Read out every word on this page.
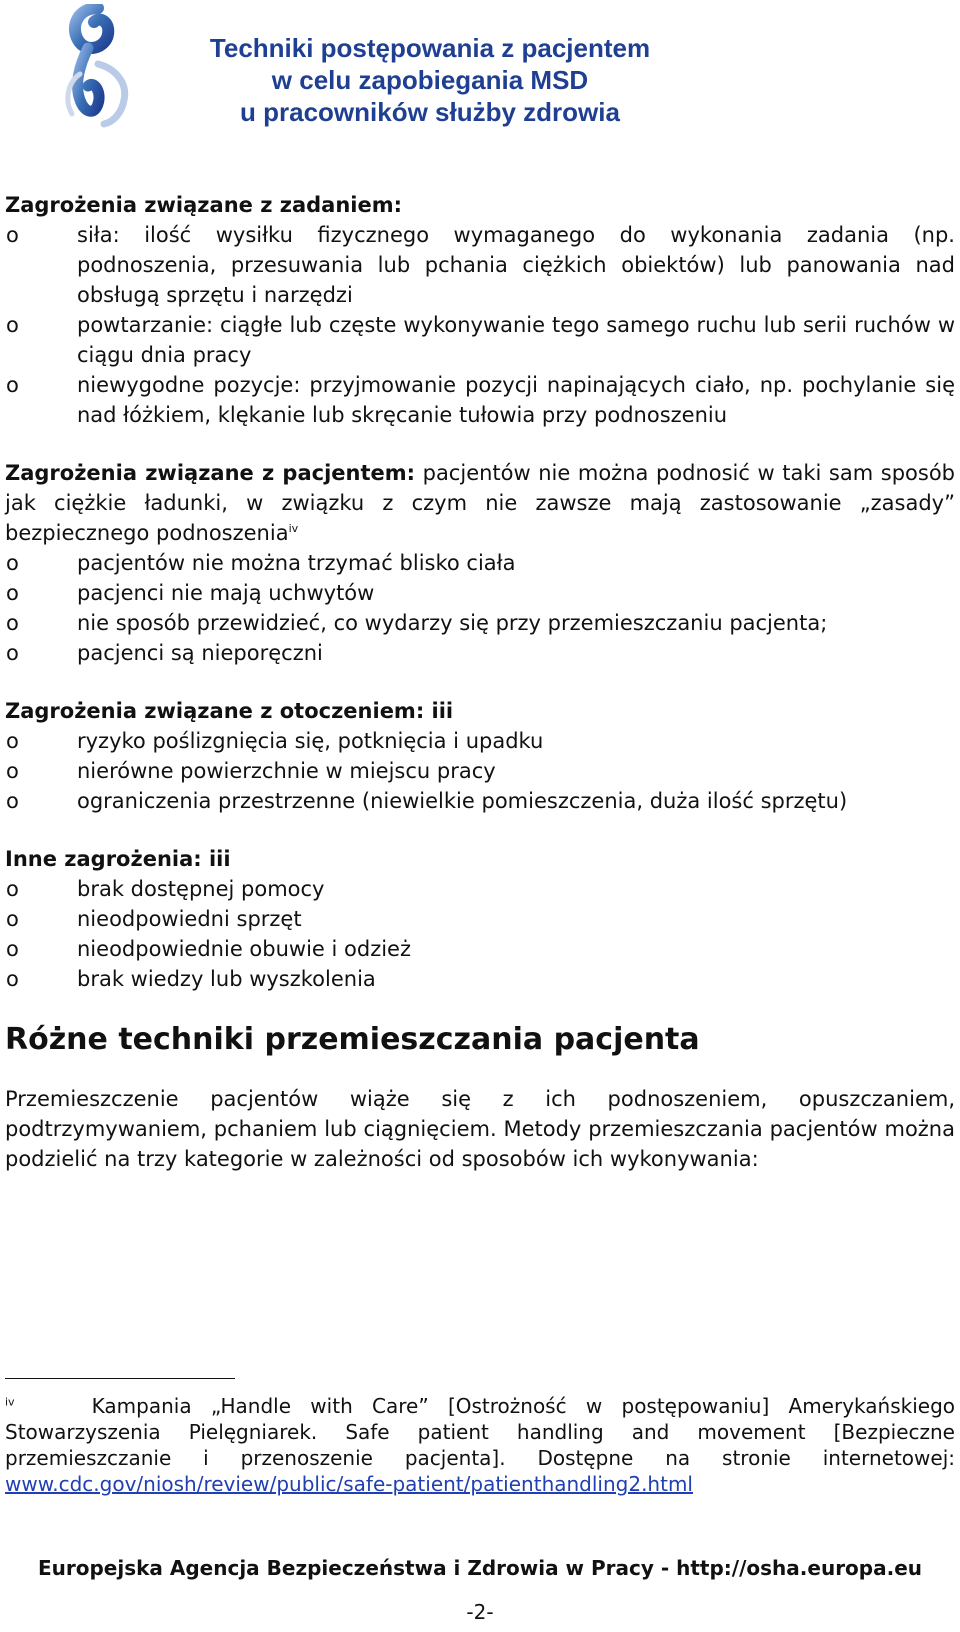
Techniki postępowania z pacjentem
w celu zapobiegania MSD
u pracowników służby zdrowia
Zagrożenia związane z zadaniem:
o	siła: ilość wysiłku fizycznego wymaganego do wykonania zadania (np. podnoszenia, przesuwania lub pchania ciężkich obiektów) lub panowania nad obsługą sprzętu i narzędzi
o	powtarzanie: ciągłe lub częste wykonywanie tego samego ruchu lub serii ruchów w ciągu dnia pracy
o	niewygodne pozycje: przyjmowanie pozycji napinających ciało, np. pochylanie się nad łóżkiem, klękanie lub skręcanie tułowia przy podnoszeniu
Zagrożenia związane z pacjentem: pacjentów nie można podnosić w taki sam sposób jak ciężkie ładunki, w związku z czym nie zawsze mają zastosowanie „zasady” bezpiecznego podnoszenia$^{iv}$
o	pacjentów nie można trzymać blisko ciała
o	pacjenci nie mają uchwytów
o	nie sposób przewidzieć, co wydarzy się przy przemieszczaniu pacjenta;
o	pacjenci są nieporęczni
Zagrożenia związane z otoczeniem: iii
o	ryzyko poślizgnięcia się, potknięcia i upadku
o	nierówne powierzchnie w miejscu pracy
o	ograniczenia przestrzenne (niewielkie pomieszczenia, duża ilość sprzętu)
Inne zagrożenia: iii
o	brak dostępnej pomocy
o	nieodpowiedni sprzęt
o	nieodpowiednie obuwie i odzież
o	brak wiedzy lub wyszkolenia
Różne techniki przemieszczania pacjenta

Przemieszczenie pacjentów wiąże się z ich podnoszeniem, opuszczaniem, podtrzymywaniem, pchaniem lub ciągnięciem. Metody przemieszczania pacjentów można podzielić na trzy kategorie w zależności od sposobów ich wykonywania:

$^{iv}$	Kampania „Handle with Care” [Ostrożność w postępowaniu] Amerykańskiego Stowarzyszenia Pielęgniarek. Safe patient handling and movement [Bezpieczne przemieszczanie i przenoszenie pacjenta]. Dostępne na stronie internetowej: www.cdc.gov/niosh/review/public/safe-patient/patienthandling2.html
Europejska Agencja Bezpieczeństwa i Zdrowia w Pracy - http://osha.europa.eu
-2-
